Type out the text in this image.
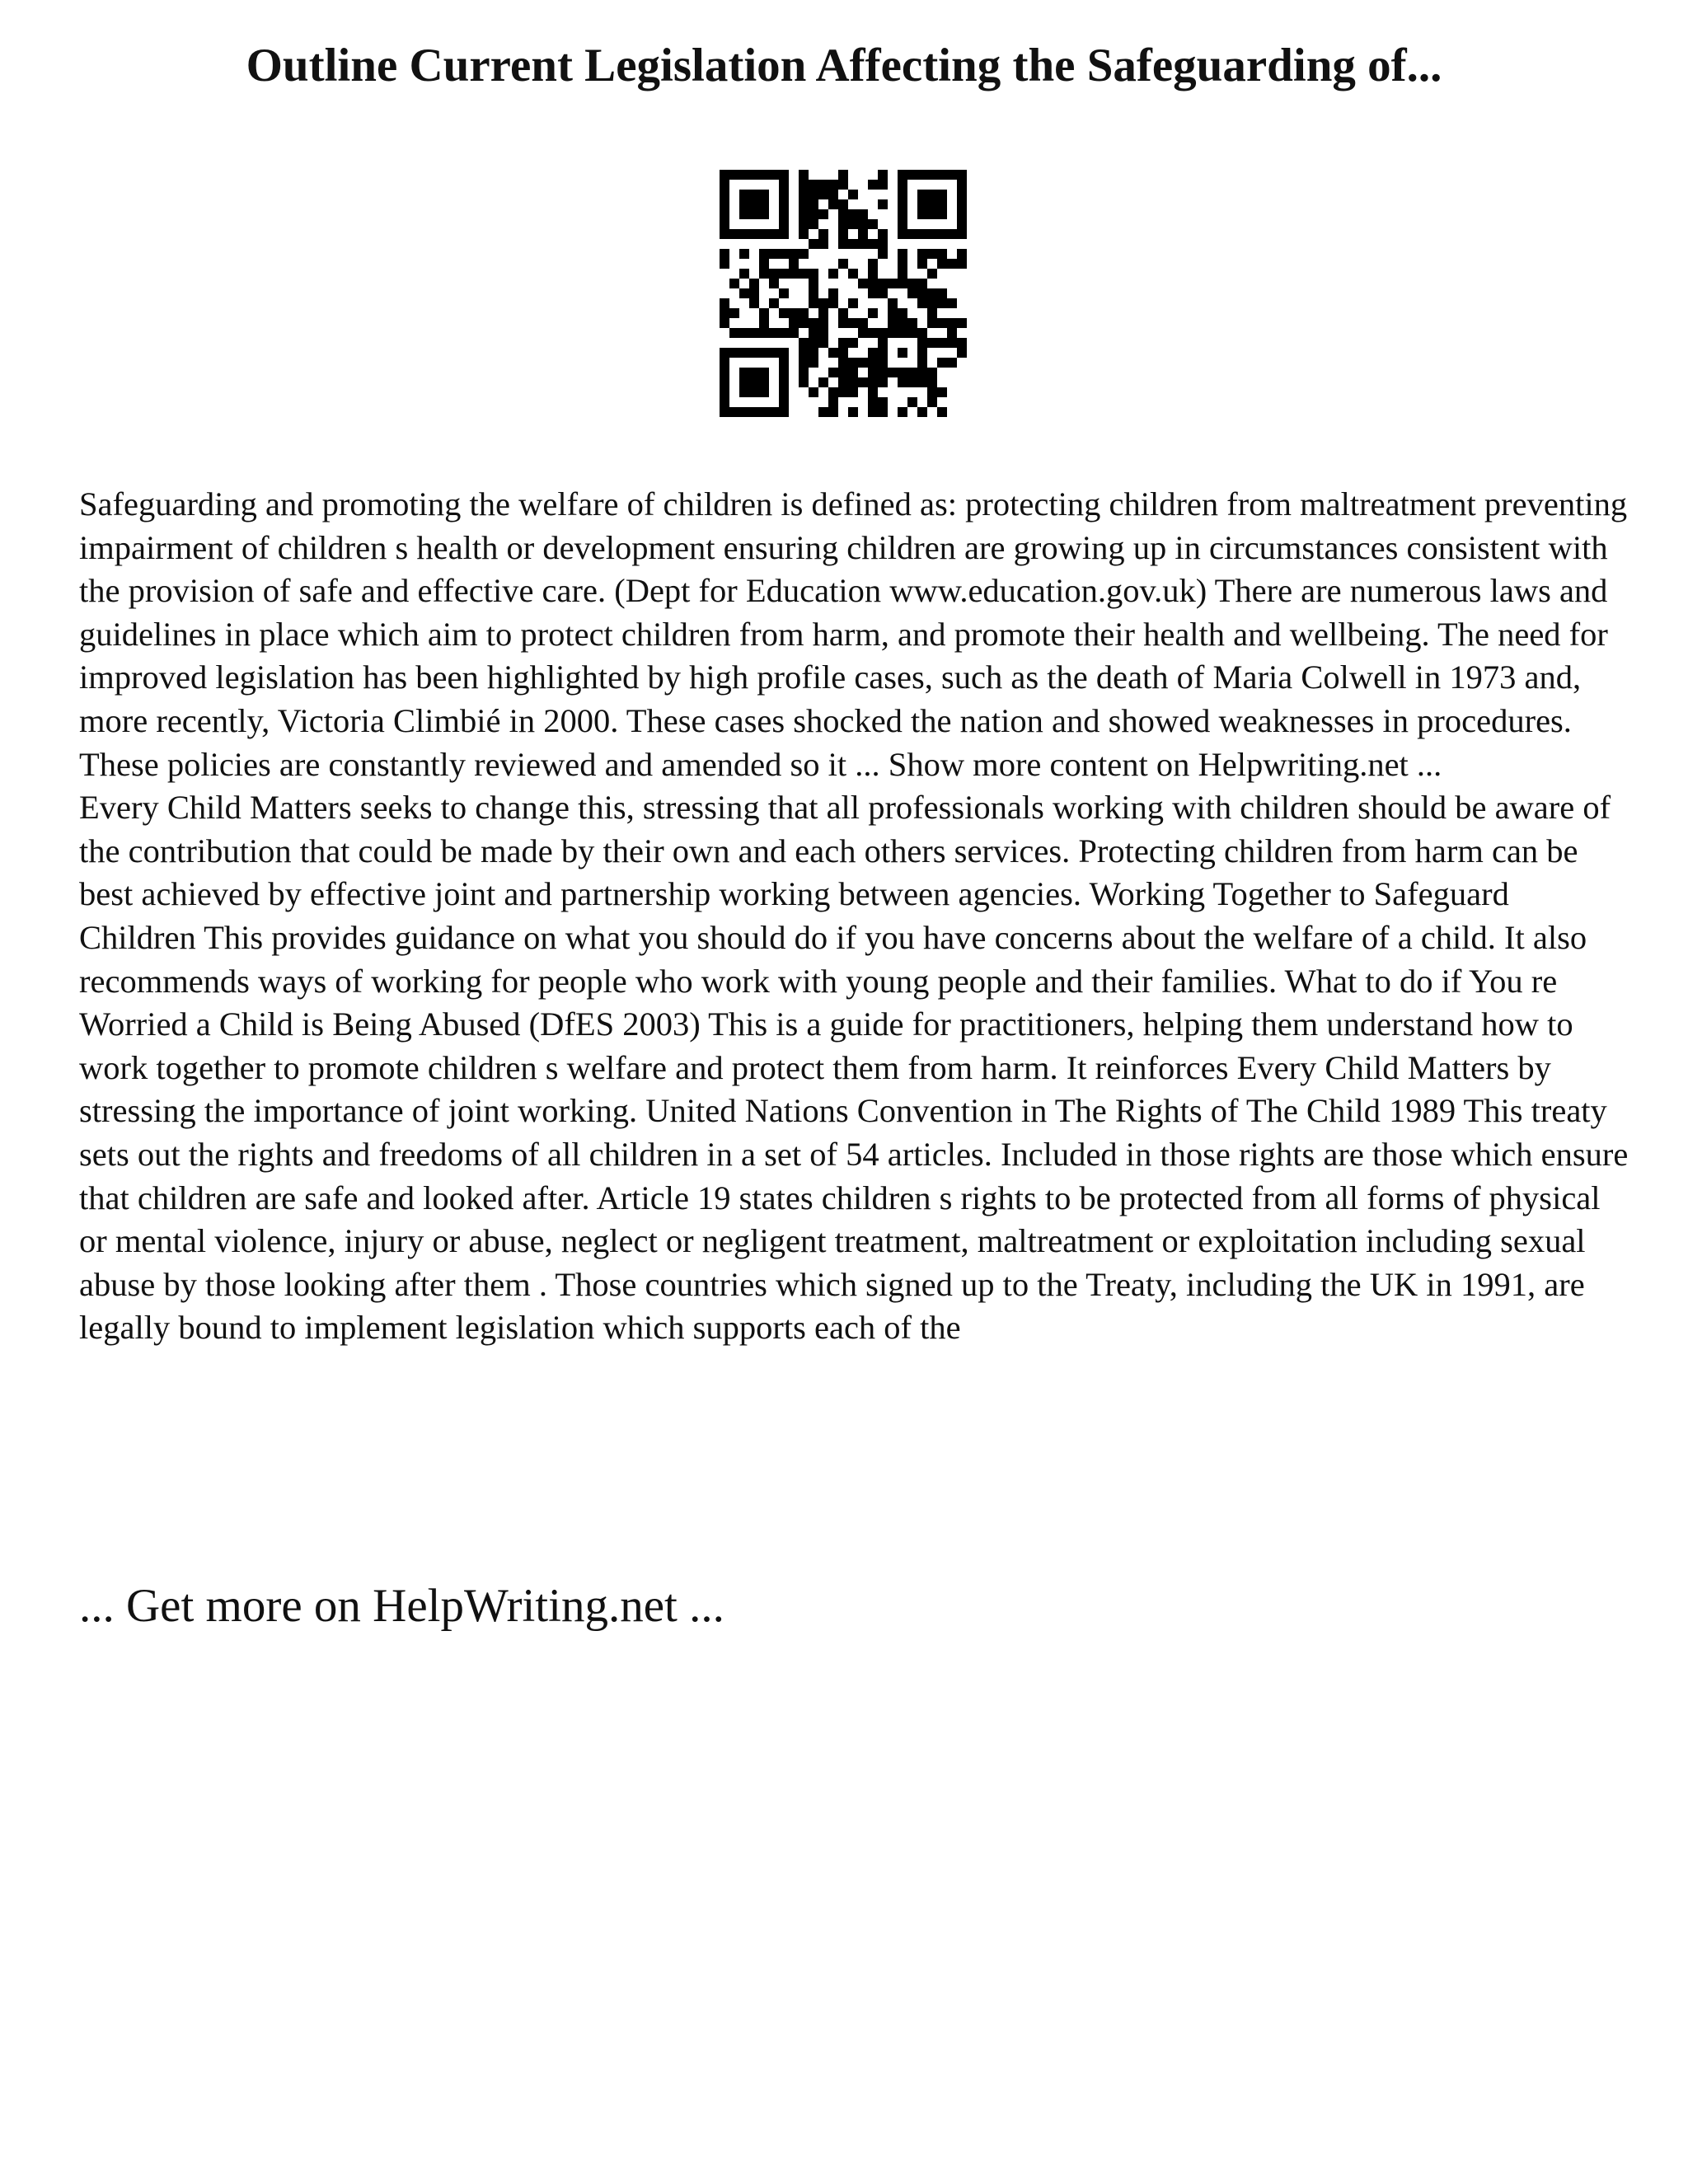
Outline Current Legislation Affecting the Safeguarding of...

Safeguarding and promoting the welfare of children is defined as: protecting children from maltreatment preventing impairment of children s health or development ensuring children are growing up in circumstances consistent with the provision of safe and effective care. (Dept for Education www.education.gov.uk) There are numerous laws and guidelines in place which aim to protect children from harm, and promote their health and wellbeing. The need for improved legislation has been highlighted by high profile cases, such as the death of Maria Colwell in 1973 and, more recently, Victoria Climbié in 2000. These cases shocked the nation and showed weaknesses in procedures. These policies are constantly reviewed and amended so it ... Show more content on Helpwriting.net ...

Every Child Matters seeks to change this, stressing that all professionals working with children should be aware of the contribution that could be made by their own and each others services. Protecting children from harm can be best achieved by effective joint and partnership working between agencies. Working Together to Safeguard Children This provides guidance on what you should do if you have concerns about the welfare of a child. It also recommends ways of working for people who work with young people and their families. What to do if You re Worried a Child is Being Abused (DfES 2003) This is a guide for practitioners, helping them understand how to work together to promote children s welfare and protect them from harm. It reinforces Every Child Matters by stressing the importance of joint working. United Nations Convention in The Rights of The Child 1989 This treaty sets out the rights and freedoms of all children in a set of 54 articles. Included in those rights are those which ensure that children are safe and looked after. Article 19 states children s rights to be protected from all forms of physical or mental violence, injury or abuse, neglect or negligent treatment, maltreatment or exploitation including sexual abuse by those looking after them . Those countries which signed up to the Treaty, including the UK in 1991, are legally bound to implement legislation which supports each of the

... Get more on HelpWriting.net ...
